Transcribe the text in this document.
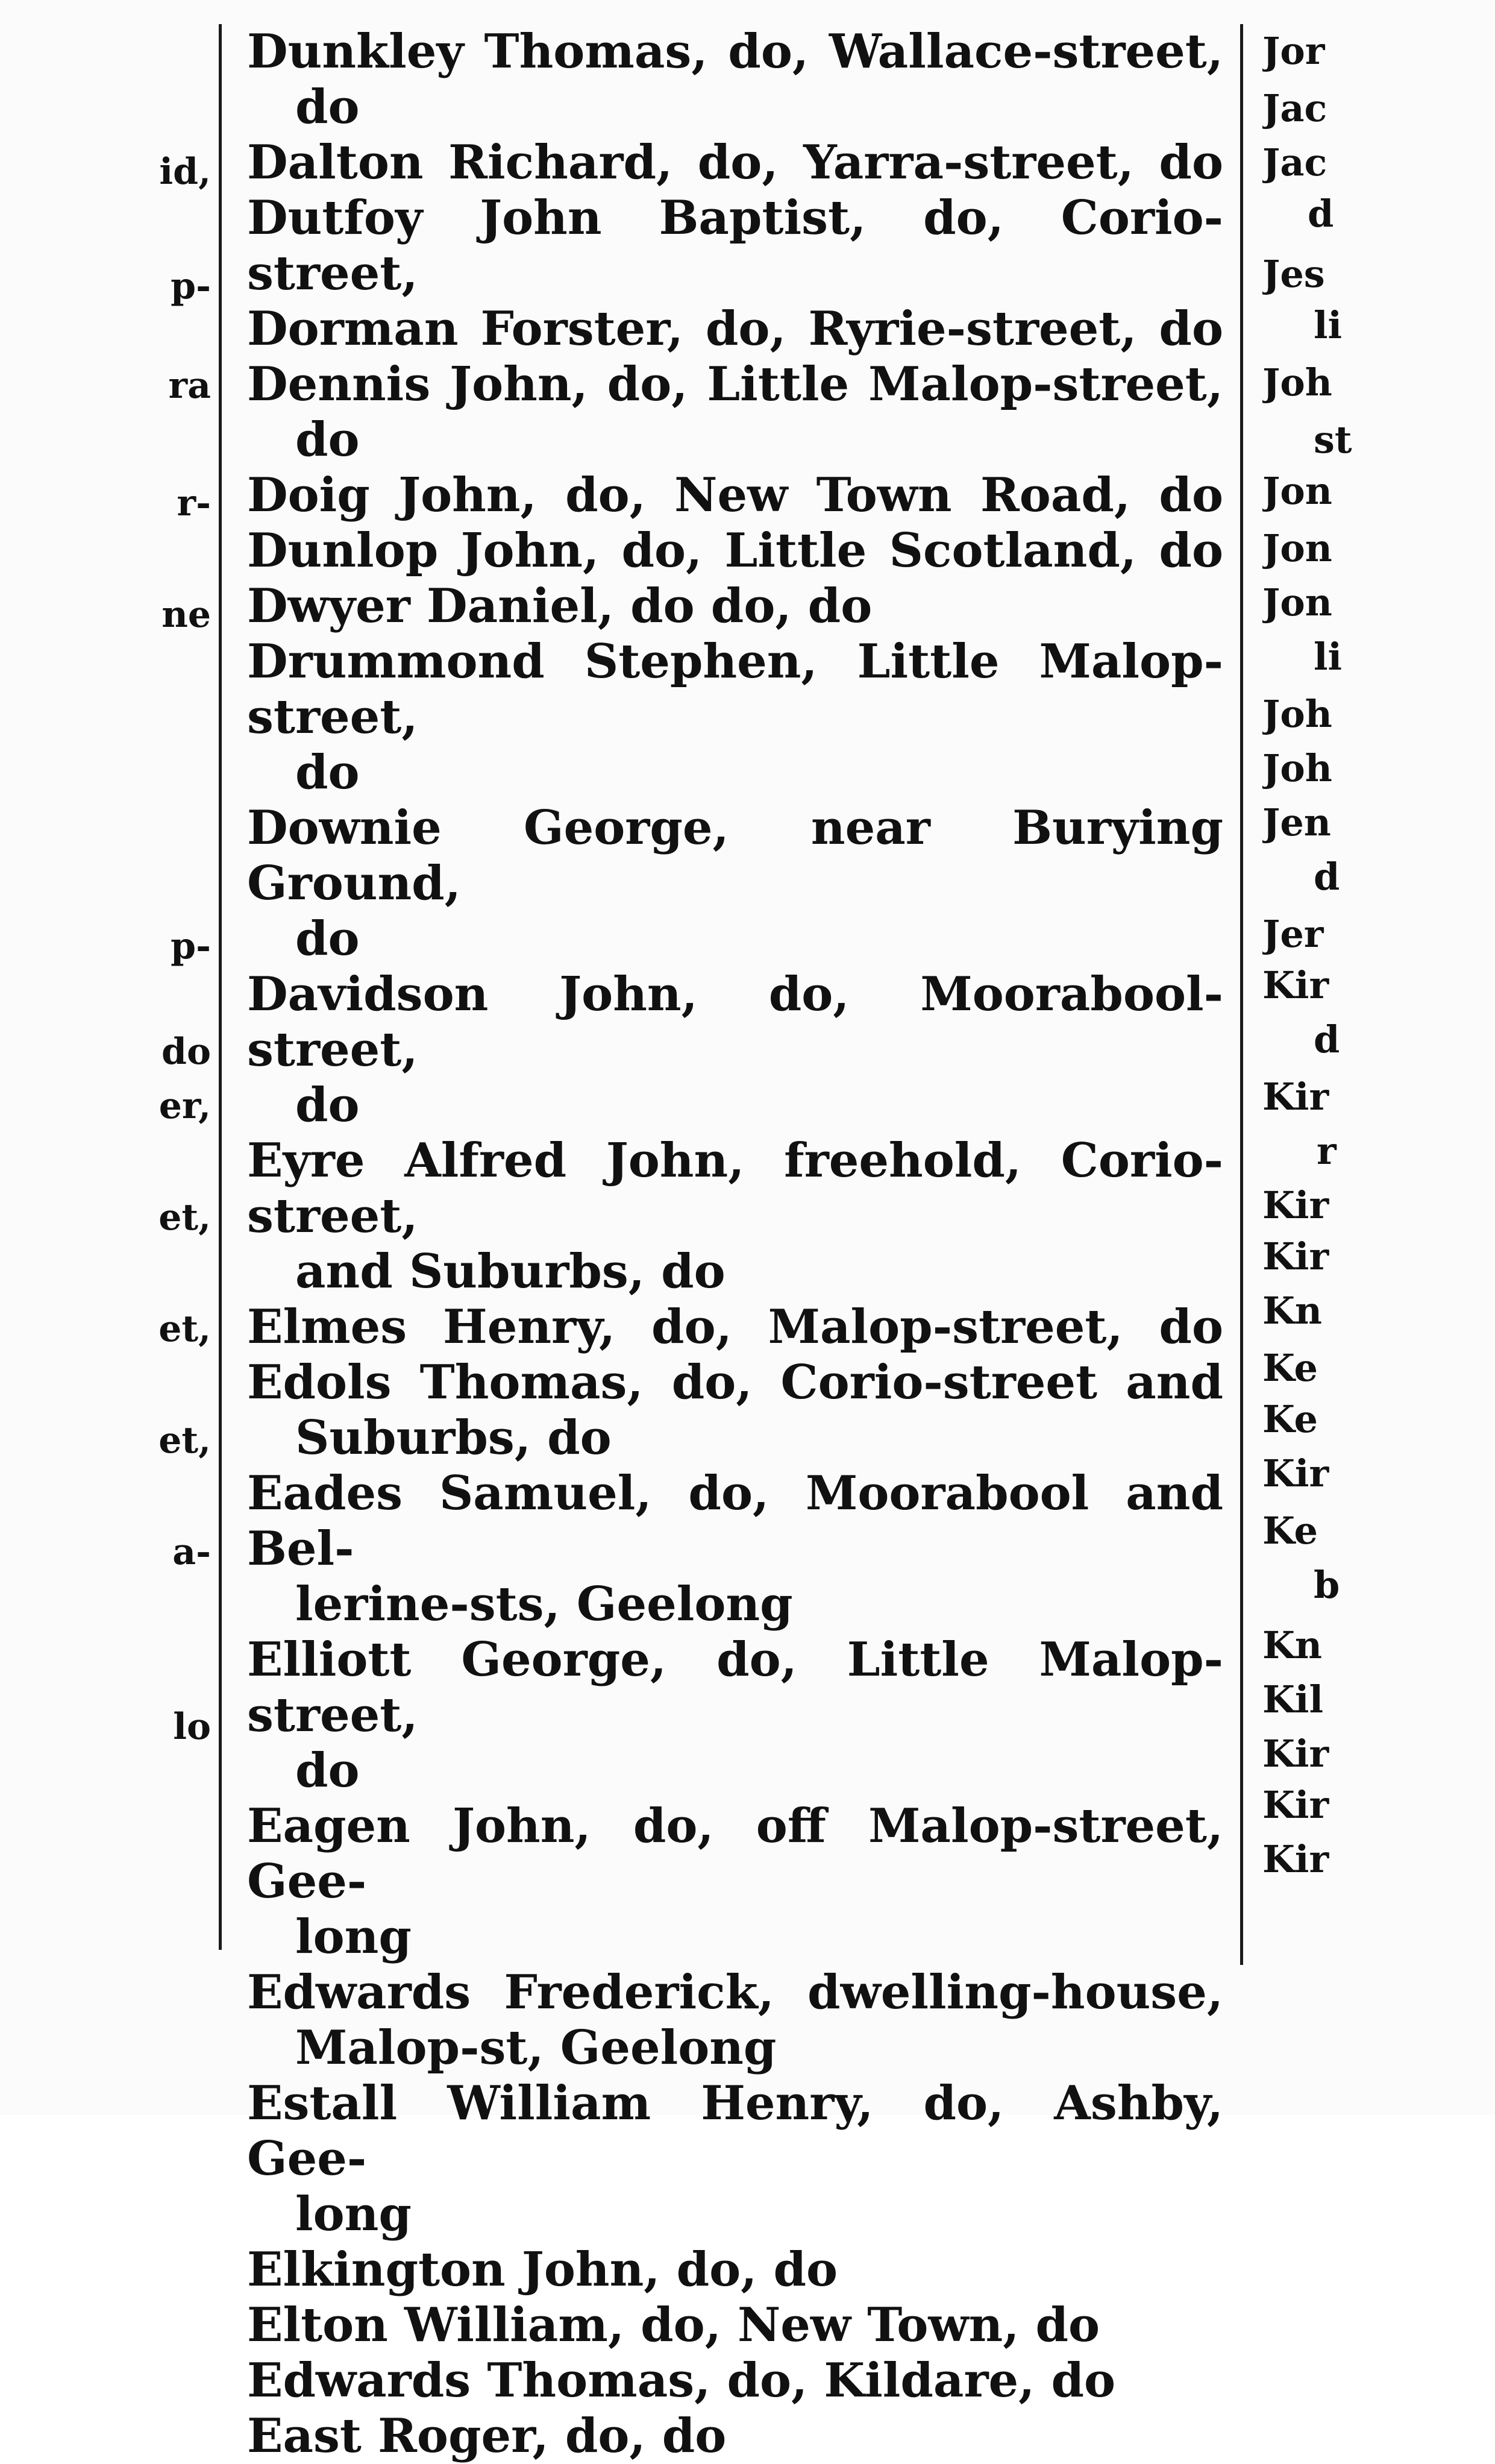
id,
p-
ra
r-
ne
p-
do
er,
et,
et,
et,
a-
lo
Dunkley Thomas, do, Wallace-street,
do
Dalton Richard, do, Yarra-street, do
Dutfoy John Baptist, do, Corio-street,
Dorman Forster, do, Ryrie-street, do
Dennis John, do, Little Malop-street,
do
Doig John, do, New Town Road, do
Dunlop John, do, Little Scotland, do
Dwyer Daniel, do do, do
Drummond Stephen, Little Malop-street,
do
Downie George, near Burying Ground,
do
Davidson John, do, Moorabool-street,
do
Eyre Alfred John, freehold, Corio-street,
and Suburbs, do
Elmes Henry, do, Malop-street, do
Edols Thomas, do, Corio-street and
Suburbs, do
Eades Samuel, do, Moorabool and Bel-
lerine-sts, Geelong
Elliott George, do, Little Malop-street,
do
Eagen John, do, off Malop-street, Gee-
long
Edwards Frederick, dwelling-house,
Malop-st, Geelong
Estall William Henry, do, Ashby, Gee-
long
Elkington John, do, do
Elton William, do, New Town, do
Edwards Thomas, do, Kildare, do
East Roger, do, do
Jor
Jac
Jac
d
Jes
li
Joh
st
Jon
Jon
Jon
li
Joh
Joh
Jen
d
Jer
Kir
d
Kir
r
Kir
Kir
Kn
Ke
Ke
Kir
Ke
b
Kn
Kil
Kir
Kir
Kir
